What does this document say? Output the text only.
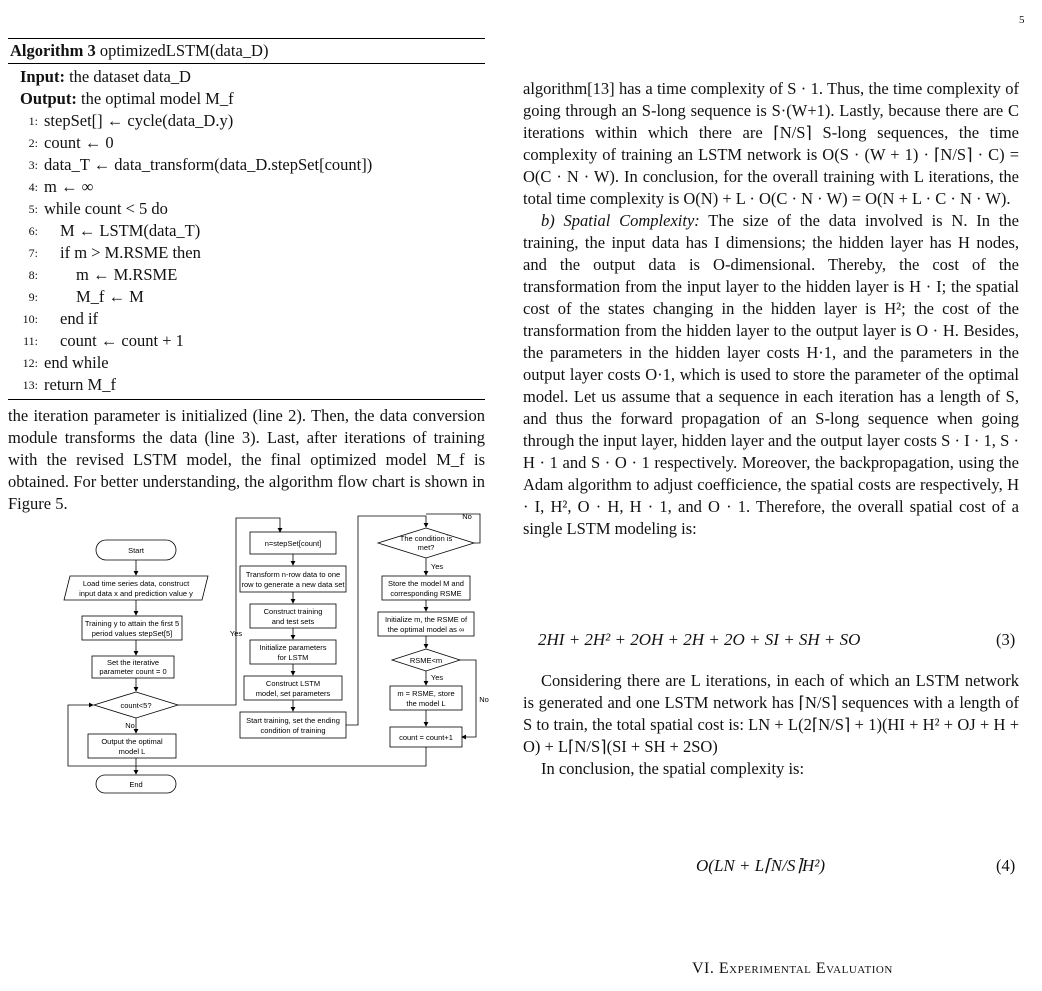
5
Algorithm 3 optimizedLSTM(data_D)
Input: the dataset data_D
Output: the optimal model M_f
1: stepSet[] ← cycle(data_D.y)
2: count ← 0
3: data_T ← data_transform(data_D.stepSet[count])
4: m ← ∞
5: while count < 5 do
6:	M ← LSTM(data_T)
7:	if m > M.RSME then
8:	m ← M.RSME
9:	M_f ← M
10:	end if
11:	count ← count + 1
12: end while
13: return M_f

the iteration parameter is initialized (line 2). Then, the data conversion module transforms the data (line 3). Last, after iterations of training with the revised LSTM model, the final optimized model M_f is obtained. For better understanding, the algorithm flow chart is shown in Figure 5.

Start
Load time series data, construct
input data x and prediction value y
Training y to attain the first 5
period values stepSet[5]
Set the iterative
parameter count = 0
count<5?
No
Yes
Output the optimal
model L
End
n=stepSet[count]
Transform n-row data to one
row to generate a new data set
Construct training
and test sets
Initialize parameters
for LSTM
Construct LSTM
model, set parameters
Start training, set the ending
condition of training
The condition is
met?
No
Yes
Store the model M and
corresponding RSME
Initialize m, the RSME of
the optimal model as ∞
RSME<m
Yes
No
m = RSME, store
the model L
count = count+1

algorithm[13] has a time complexity of S · 1. Thus, the time complexity of going through an S-long sequence is S·(W+1). Lastly, because there are C iterations within which there are ⌈N/S⌉ S-long sequences, the time complexity of training an LSTM network is O(S · (W + 1) · ⌈N/S⌉ · C) = O(C · N · W). In conclusion, for the overall training with L iterations, the total time complexity is O(N) + L · O(C · N · W) = O(N + L · C · N · W).

b) Spatial Complexity: The size of the data involved is N. In the training, the input data has I dimensions; the hidden layer has H nodes, and the output data is O-dimensional. Thereby, the cost of the transformation from the input layer to the hidden layer is H · I; the spatial cost of the states changing in the hidden layer is H²; the cost of the transformation from the hidden layer to the output layer is O · H. Besides, the parameters in the hidden layer costs H·1, and the parameters in the output layer costs O·1, which is used to store the parameter of the optimal model. Let us assume that a sequence in each iteration has a length of S, and thus the forward propagation of an S-long sequence when going through the input layer, hidden layer and the output layer costs S · I · 1, S · H · 1 and S · O · 1 respectively. Moreover, the backpropagation, using the Adam algorithm to adjust coefficience, the spatial costs are respectively, H · I, H², O · H, H · 1, and O · 1. Therefore, the overall spatial cost of a single LSTM modeling is:

2HI + 2H² + 2OH + 2H + 2O + SI + SH + SO	(3)

Considering there are L iterations, in each of which an LSTM network is generated and one LSTM network has ⌈N/S⌉ sequences with a length of S to train, the total spatial cost is: LN + L(2⌈N/S⌉ + 1)(HI + H² + OJ + H + O) + L⌈N/S⌉(SI + SH + 2SO)

In conclusion, the spatial complexity is:

O(LN + L⌈N/S⌉H²)	(4)
VI. Experimental Evaluation
